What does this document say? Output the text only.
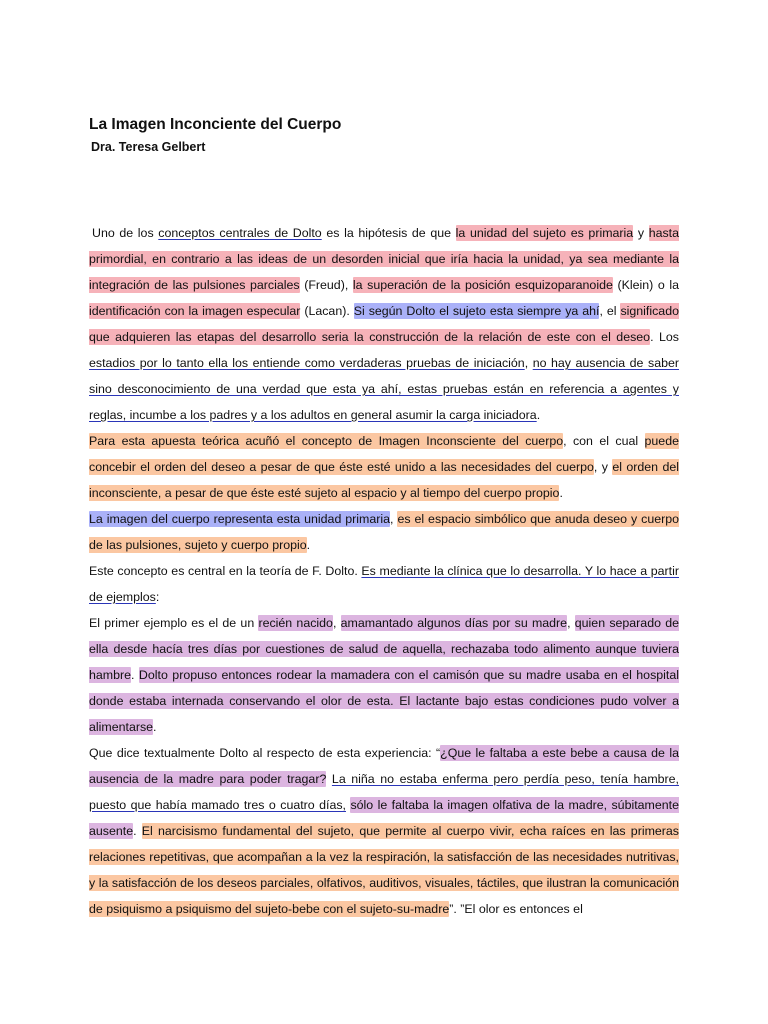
La Imagen Inconciente del Cuerpo
Dra. Teresa Gelbert

Uno de los conceptos centrales de Dolto es la hipótesis de que la unidad del sujeto es primaria y hasta primordial, en contrario a las ideas de un desorden inicial que iría hacia la unidad, ya sea mediante la integración de las pulsiones parciales (Freud), la superación de la posición esquizoparanoide (Klein) o la identificación con la imagen especular (Lacan). Si según Dolto el sujeto esta siempre ya ahí, el significado que adquieren las etapas del desarrollo seria la construcción de la relación de este con el deseo. Los estadios por lo tanto ella los entiende como verdaderas pruebas de iniciación, no hay ausencia de saber sino desconocimiento de una verdad que esta ya ahí, estas pruebas están en referencia a agentes y reglas, incumbe a los padres y a los adultos en general asumir la carga iniciadora.

Para esta apuesta teórica acuñó el concepto de Imagen Inconsciente del cuerpo, con el cual puede concebir el orden del deseo a pesar de que éste esté unido a las necesidades del cuerpo, y el orden del inconsciente, a pesar de que éste esté sujeto al espacio y al tiempo del cuerpo propio.

La imagen del cuerpo representa esta unidad primaria, es el espacio simbólico que anuda deseo y cuerpo de las pulsiones, sujeto y cuerpo propio.

Este concepto es central en la teoría de F. Dolto. Es mediante la clínica que lo desarrolla. Y lo hace a partir de ejemplos:

El primer ejemplo es el de un recién nacido, amamantado algunos días por su madre, quien separado de ella desde hacía tres días por cuestiones de salud de aquella, rechazaba todo alimento aunque tuviera hambre. Dolto propuso entonces rodear la mamadera con el camisón que su madre usaba en el hospital donde estaba internada conservando el olor de esta. El lactante bajo estas condiciones pudo volver a alimentarse.

Que dice textualmente Dolto al respecto de esta experiencia: “¿Que le faltaba a este bebe a causa de la ausencia de la madre para poder tragar? La niña no estaba enferma pero perdía peso, tenía hambre, puesto que había mamado tres o cuatro días, sólo le faltaba la imagen olfativa de la madre, súbitamente ausente. El narcisismo fundamental del sujeto, que permite al cuerpo vivir, echa raíces en las primeras relaciones repetitivas, que acompañan a la vez la respiración, la satisfacción de las necesidades nutritivas, y la satisfacción de los deseos parciales, olfativos, auditivos, visuales, táctiles, que ilustran la comunicación de psiquismo a psiquismo del sujeto-bebe con el sujeto-su-madre”. ”El olor es entonces el
